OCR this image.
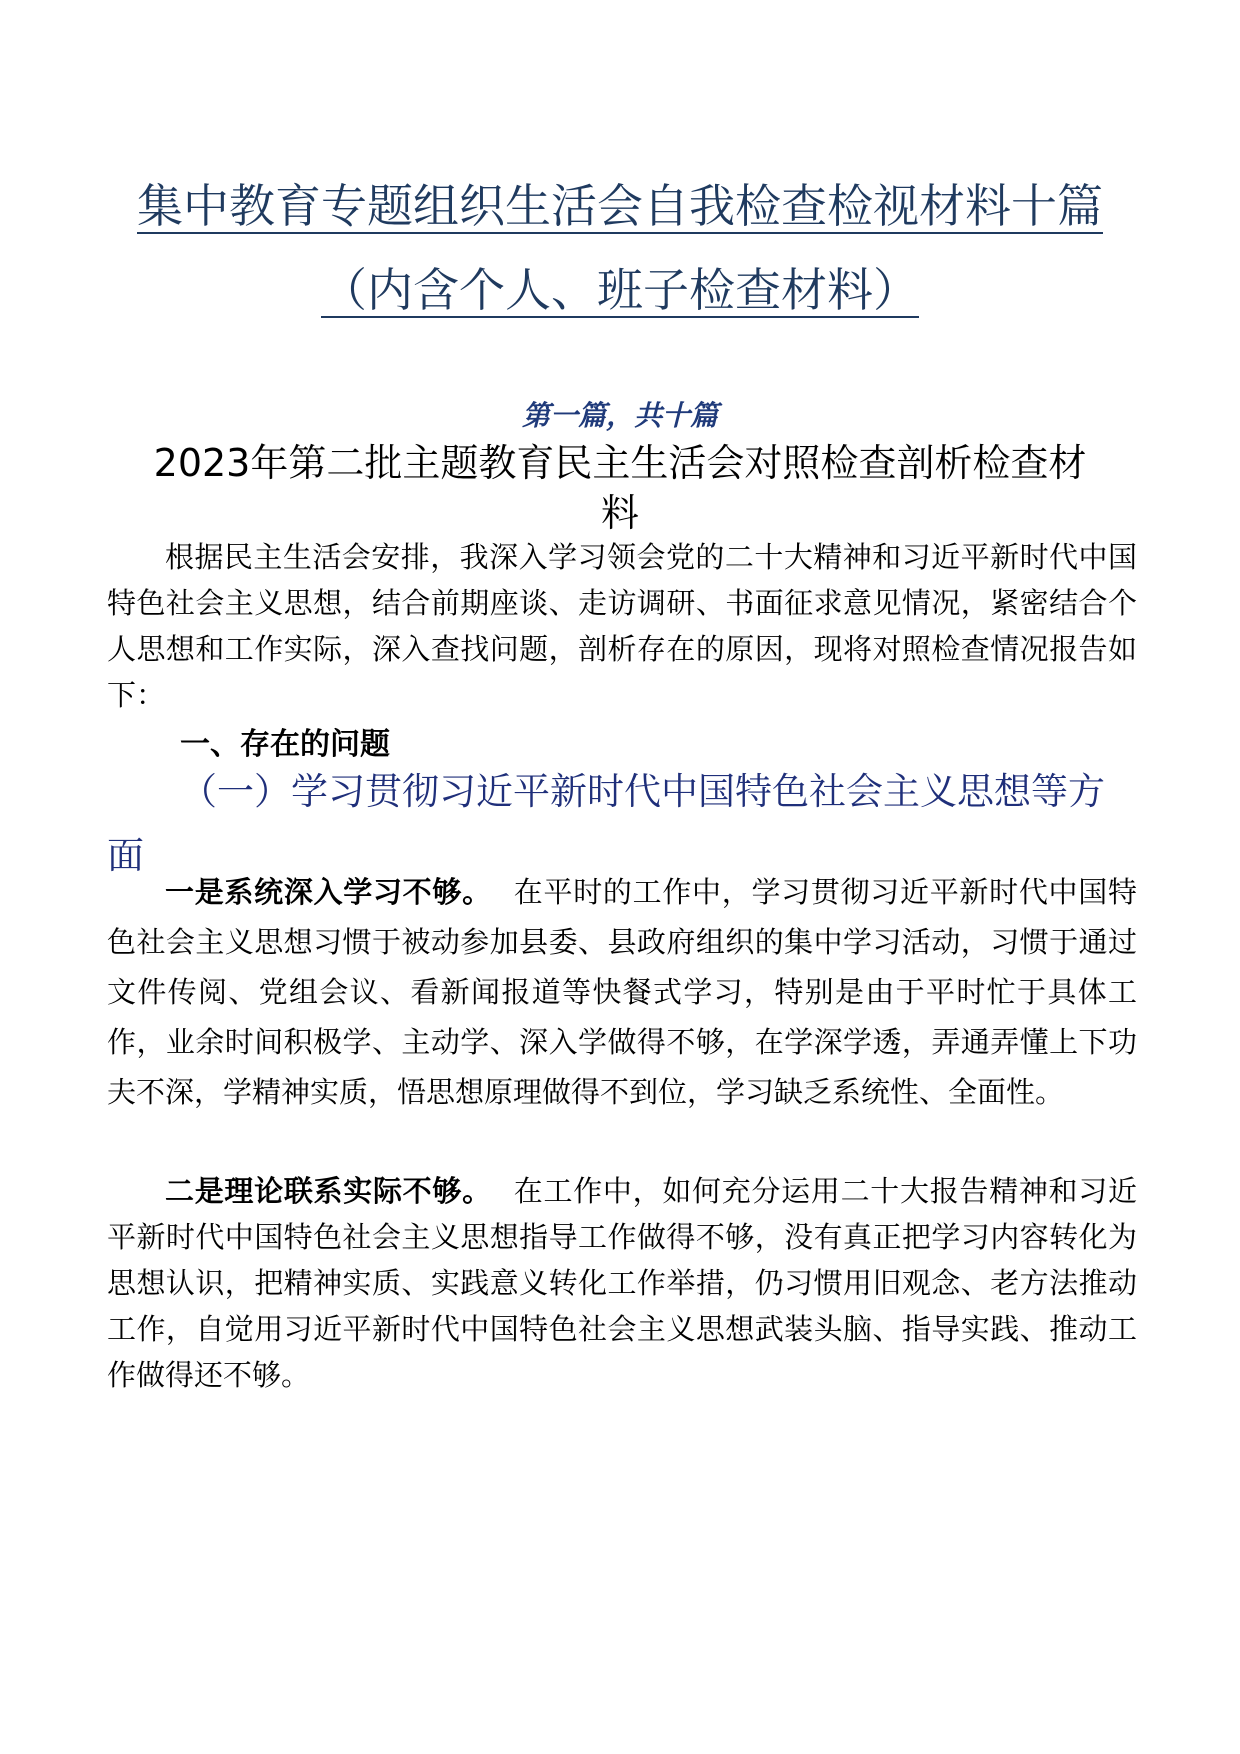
集中教育专题组织生活会自我检查检视材料十篇
（内含个人、班子检查材料）
第一篇，共十篇
2023年第二批主题教育民主生活会对照检查剖析检查材 料
根据民主生活会安排，我深入学习领会党的二十大精神和习近平新时代中国特色社会主义思想，结合前期座谈、走访调研、书面征求意见情况，紧密结合个人思想和工作实际，深入查找问题，剖析存在的原因，现将对照检查情况报告如下：
一、存在的问题
（一）学习贯彻习近平新时代中国特色社会主义思想等方面
一是系统深入学习不够。 在平时的工作中，学习贯彻习近平新时代中国特色社会主义思想习惯于被动参加县委、县政府组织的集中学习活动，习惯于通过文件传阅、党组会议、看新闻报道等快餐式学习，特别是由于平时忙于具体工作，业余时间积极学、主动学、深入学做得不够，在学深学透，弄通弄懂上下功夫不深，学精神实质，悟思想原理做得不到位，学习缺乏系统性、全面性。
二是理论联系实际不够。 在工作中，如何充分运用二十大报告精神和习近平新时代中国特色社会主义思想指导工作做得不够，没有真正把学习内容转化为思想认识，把精神实质、实践意义转化工作举措，仍习惯用旧观念、老方法推动工作，自觉用习近平新时代中国特色社会主义思想武装头脑、指导实践、推动工作做得还不够。
